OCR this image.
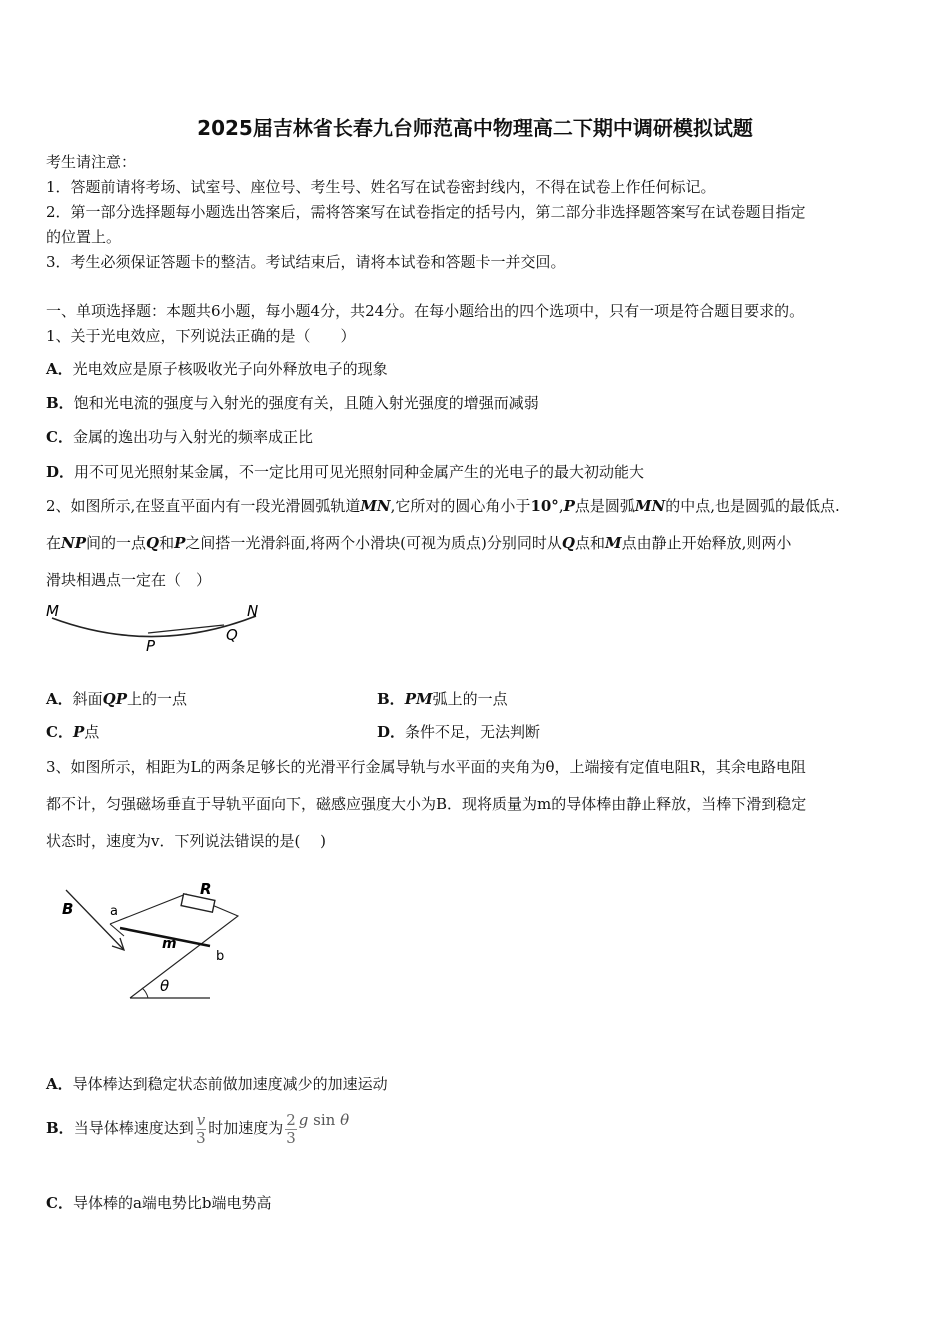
2025届吉林省长春九台师范高中物理高二下期中调研模拟试题
考生请注意：
1．答题前请将考场、试室号、座位号、考生号、姓名写在试卷密封线内，不得在试卷上作任何标记。
2．第一部分选择题每小题选出答案后，需将答案写在试卷指定的括号内，第二部分非选择题答案写在试卷题目指定
的位置上。
3．考生必须保证答题卡的整洁。考试结束后，请将本试卷和答题卡一并交回。
一、单项选择题：本题共6小题，每小题4分，共24分。在每小题给出的四个选项中，只有一项是符合题目要求的。
1、关于光电效应，下列说法正确的是（　　）
A．光电效应是原子核吸收光子向外释放电子的现象
B．饱和光电流的强度与入射光的强度有关，且随入射光强度的增强而减弱
C．金属的逸出功与入射光的频率成正比
D．用不可见光照射某金属，不一定比用可见光照射同种金属产生的光电子的最大初动能大
2、如图所示,在竖直平面内有一段光滑圆弧轨道MN,它所对的圆心角小于10°,P点是圆弧MN的中点,也是圆弧的最低点.
在NP间的一点Q和P之间搭一光滑斜面,将两个小滑块(可视为质点)分别同时从Q点和M点由静止开始释放,则两小
滑块相遇点一定在（　）
M	N
P
Q
A．斜面QP上的一点	B．PM弧上的一点
C．P点	D．条件不足，无法判断
3、如图所示，相距为L的两条足够长的光滑平行金属导轨与水平面的夹角为θ，上端接有定值电阻R，其余电路电阻
都不计，匀强磁场垂直于导轨平面向下，磁感应强度大小为B．现将质量为m的导体棒由静止释放，当棒下滑到稳定
状态时，速度为v．下列说法错误的是(　 )
B	a
R
m
b
θ
A．导体棒达到稳定状态前做加速度减少的加速运动
B．当导体棒速度达到 $\frac{v}{3}$ 时加速度为 $\frac{2}{3}$ g sin θ
C．导体棒的a端电势比b端电势高
